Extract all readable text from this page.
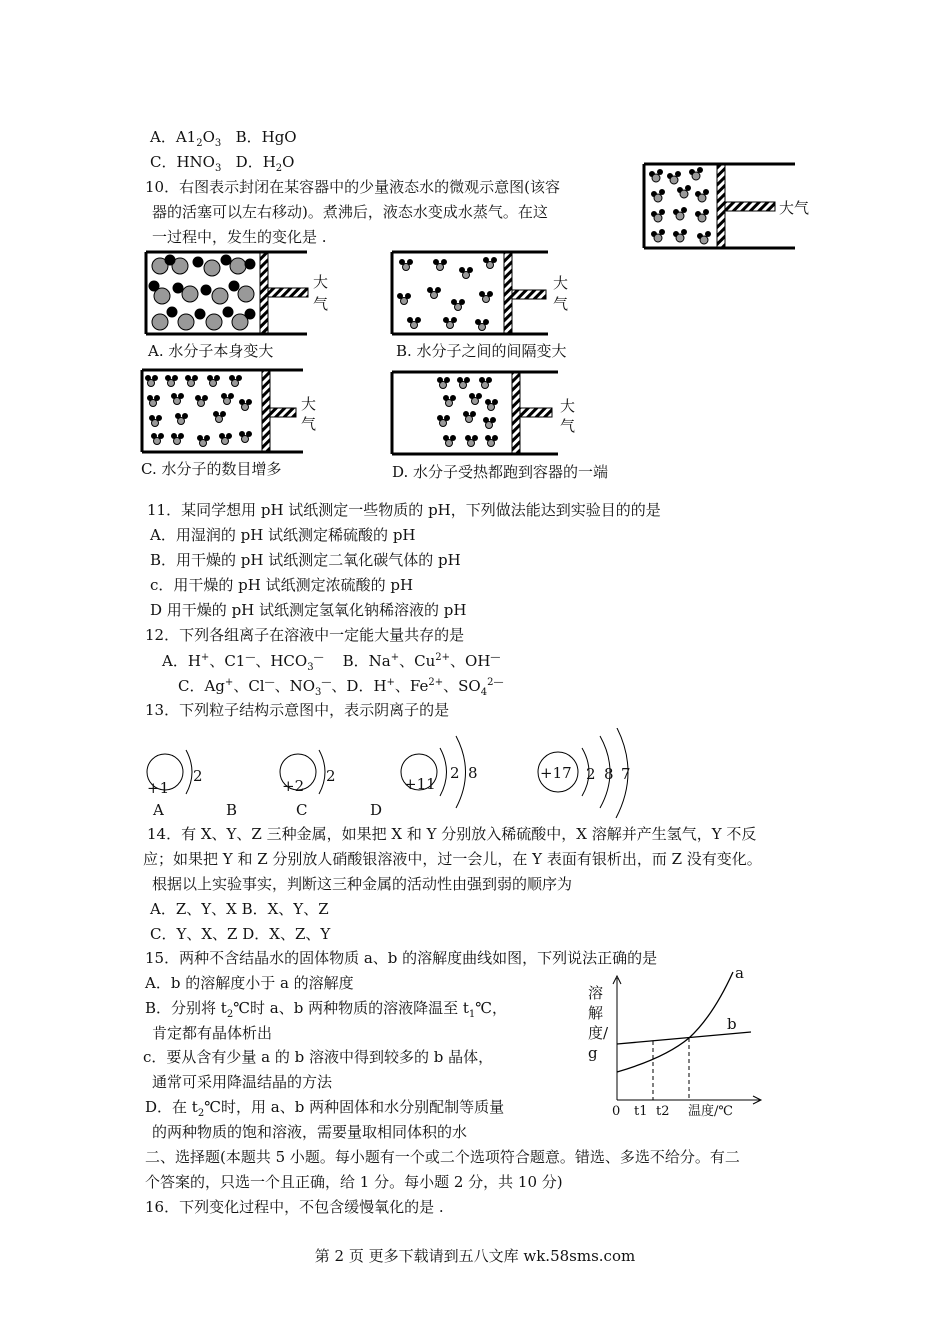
A．$A1_2O_3$ B．HgO
C．$HNO_3$ D．$H_2O$
10．右图表示封闭在某容器中的少量液态水的微观示意图(该容
器的活塞可以左右移动)。煮沸后，液态水变成水蒸气。在这
一过程中，发生的变化是 .
大气
大
气
A. 水分子本身变大
大
气
B. 水分子之间的间隔变大
大
气
C. 水分子的数目增多
大
气
D. 水分子受热都跑到容器的一端
11．某同学想用 pH 试纸测定一些物质的 pH，下列做法能达到实验目的的是
A．用湿润的 pH 试纸测定稀硫酸的 pH
B．用干燥的 pH 试纸测定二氧化碳气体的 pH
c．用干燥的 pH 试纸测定浓硫酸的 pH
D 用干燥的 pH 试纸测定氢氧化钠稀溶液的 pH
12．下列各组离子在溶液中一定能大量共存的是
A．H+、C1—、$HCO_3^—$ B．Na+、$Cu^{2+}$、OH—
C．Ag+、Cl—、$NO_3^—$、D．H+、$Fe^{2+}$、$SO_4^{2—}$
13．下列粒子结构示意图中，表示阴离子的是
+1
2
+2
2	+11
2 8	+17 2 8 7
A	B	C	D
14．有 X、Y、Z 三种金属，如果把 X 和 Y 分别放入稀硫酸中，X 溶解并产生氢气，Y 不反
应；如果把 Y 和 Z 分别放人硝酸银溶液中，过一会儿，在 Y 表面有银析出，而 Z 没有变化。
根据以上实验事实，判断这三种金属的活动性由强到弱的顺序为
A．Z、Y、X B．X、Y、Z
C．Y、X、Z D．X、Z、Y
15．两种不含结晶水的固体物质 a、b 的溶解度曲线如图，下列说法正确的是
A．b 的溶解度小于 a 的溶解度
B．分别将 $t_2℃$时 a、b 两种物质的溶液降温至 $t_1℃$，
肯定都有晶体析出
c．要从含有少量 a 的 b 溶液中得到较多的 b 晶体，
通常可采用降温结晶的方法
D．在 $t_2℃$时，用 a、b 两种固体和水分别配制等质量
的两种物质的饱和溶液，需要量取相同体积的水
溶解度/g
a
b
0 t1 t2 温度/℃
二、选择题(本题共 5 小题。每小题有一个或二个选项符合题意。错选、多选不给分。有二
个答案的，只选一个且正确，给 1 分。每小题 2 分，共 10 分)
16．下列变化过程中，不包含缓慢氧化的是 .
第 2 页 更多下载请到五八文库 wk.58sms.com
